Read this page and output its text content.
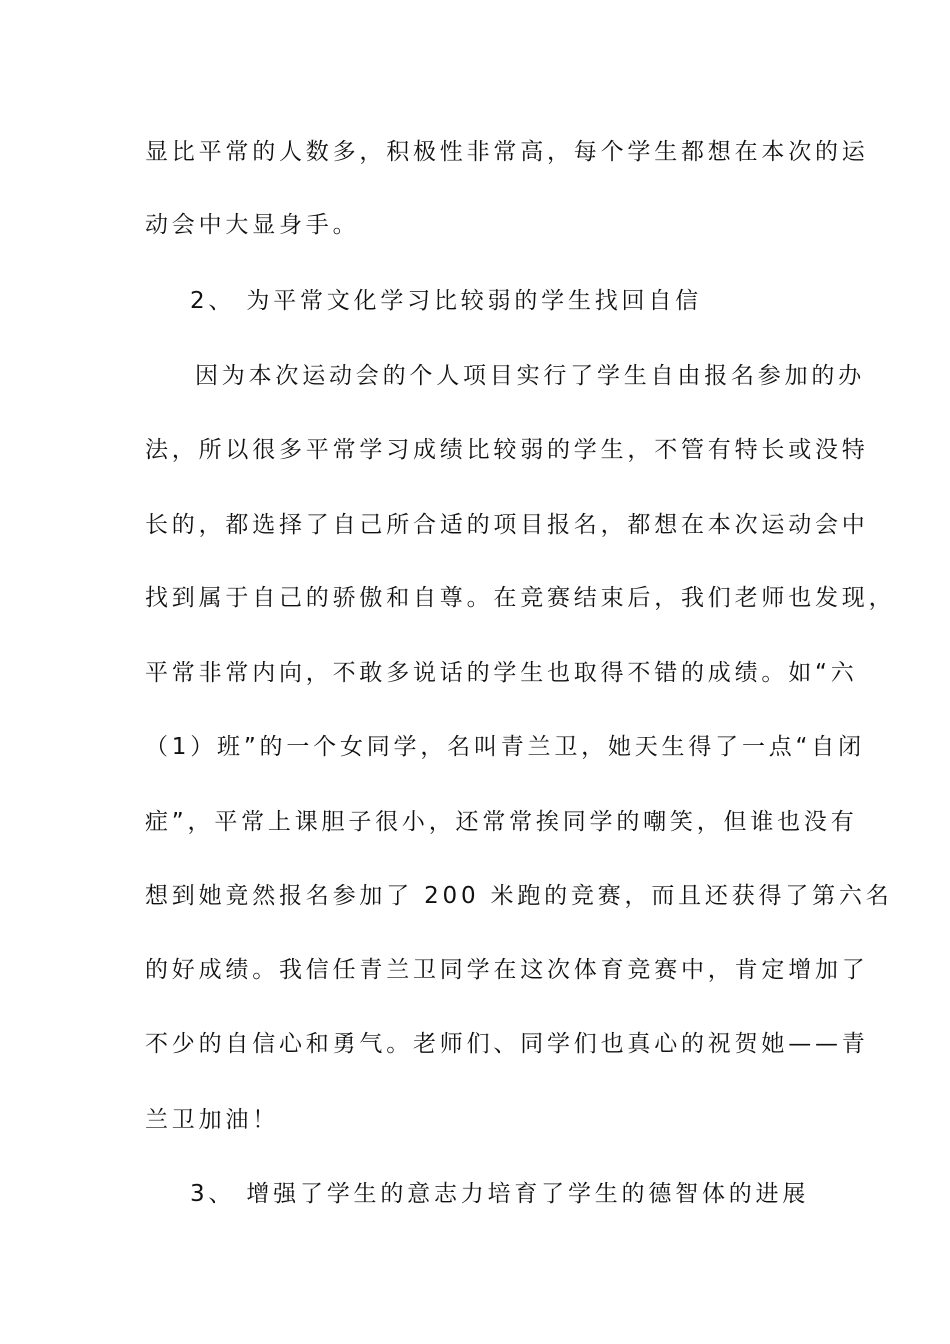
显比平常的人数多，积极性非常高，每个学生都想在本次的运
动会中大显身手。
2、 为平常文化学习比较弱的学生找回自信
因为本次运动会的个人项目实行了学生自由报名参加的办
法，所以很多平常学习成绩比较弱的学生，不管有特长或没特
长的，都选择了自己所合适的项目报名，都想在本次运动会中
找到属于自己的骄傲和自尊。在竞赛结束后，我们老师也发现，
平常非常内向，不敢多说话的学生也取得不错的成绩。如“六
（1）班”的一个女同学，名叫青兰卫，她天生得了一点“自闭
症”，平常上课胆子很小，还常常挨同学的嘲笑，但谁也没有
想到她竟然报名参加了 200 米跑的竞赛，而且还获得了第六名
的好成绩。我信任青兰卫同学在这次体育竞赛中，肯定增加了
不少的自信心和勇气。老师们、同学们也真心的祝贺她——青
兰卫加油！
3、 增强了学生的意志力培育了学生的德智体的进展
